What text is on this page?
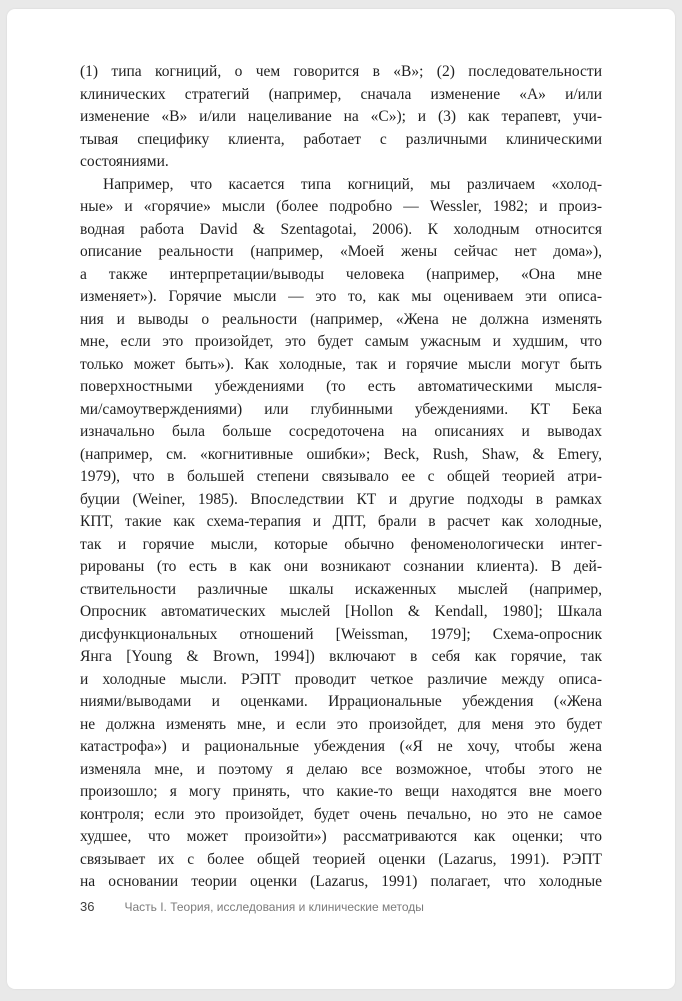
(1) типа когниций, о чем говорится в «В»; (2) последовательности
клинических стратегий (например, сначала изменение «А» и/или
изменение «В» и/или нацеливание на «С»); и (3) как терапевт, учи-
тывая специфику клиента, работает с различными клиническими
состояниями.
Например, что касается типа когниций, мы различаем «холод-
ные» и «горячие» мысли (более подробно — Wessler, 1982; и произ-
водная работа David & Szentagotai, 2006). К холодным относится
описание реальности (например, «Моей жены сейчас нет дома»),
а также интерпретации/выводы человека (например, «Она мне
изменяет»). Горячие мысли — это то, как мы оцениваем эти описа-
ния и выводы о реальности (например, «Жена не должна изменять
мне, если это произойдет, это будет самым ужасным и худшим, что
только может быть»). Как холодные, так и горячие мысли могут быть
поверхностными убеждениями (то есть автоматическими мысля-
ми/самоутверждениями) или глубинными убеждениями. КТ Бека
изначально была больше сосредоточена на описаниях и выводах
(например, см. «когнитивные ошибки»; Beck, Rush, Shaw, & Emery,
1979), что в большей степени связывало ее с общей теорией атри-
буции (Weiner, 1985). Впоследствии КТ и другие подходы в рамках
КПТ, такие как схема-терапия и ДПТ, брали в расчет как холодные,
так и горячие мысли, которые обычно феноменологически интег-
рированы (то есть в как они возникают сознании клиента). В дей-
ствительности различные шкалы искаженных мыслей (например,
Опросник автоматических мыслей [Hollon & Kendall, 1980]; Шкала
дисфункциональных отношений [Weissman, 1979]; Схема-опросник
Янга [Young & Brown, 1994]) включают в себя как горячие, так
и холодные мысли. РЭПТ проводит четкое различие между описа-
ниями/выводами и оценками. Иррациональные убеждения («Жена
не должна изменять мне, и если это произойдет, для меня это будет
катастрофа») и рациональные убеждения («Я не хочу, чтобы жена
изменяла мне, и поэтому я делаю все возможное, чтобы этого не
произошло; я могу принять, что какие-то вещи находятся вне моего
контроля; если это произойдет, будет очень печально, но это не самое
худшее, что может произойти») рассматриваются как оценки; что
связывает их с более общей теорией оценки (Lazarus, 1991). РЭПТ
на основании теории оценки (Lazarus, 1991) полагает, что холодные
36	Часть I. Теория, исследования и клинические методы
